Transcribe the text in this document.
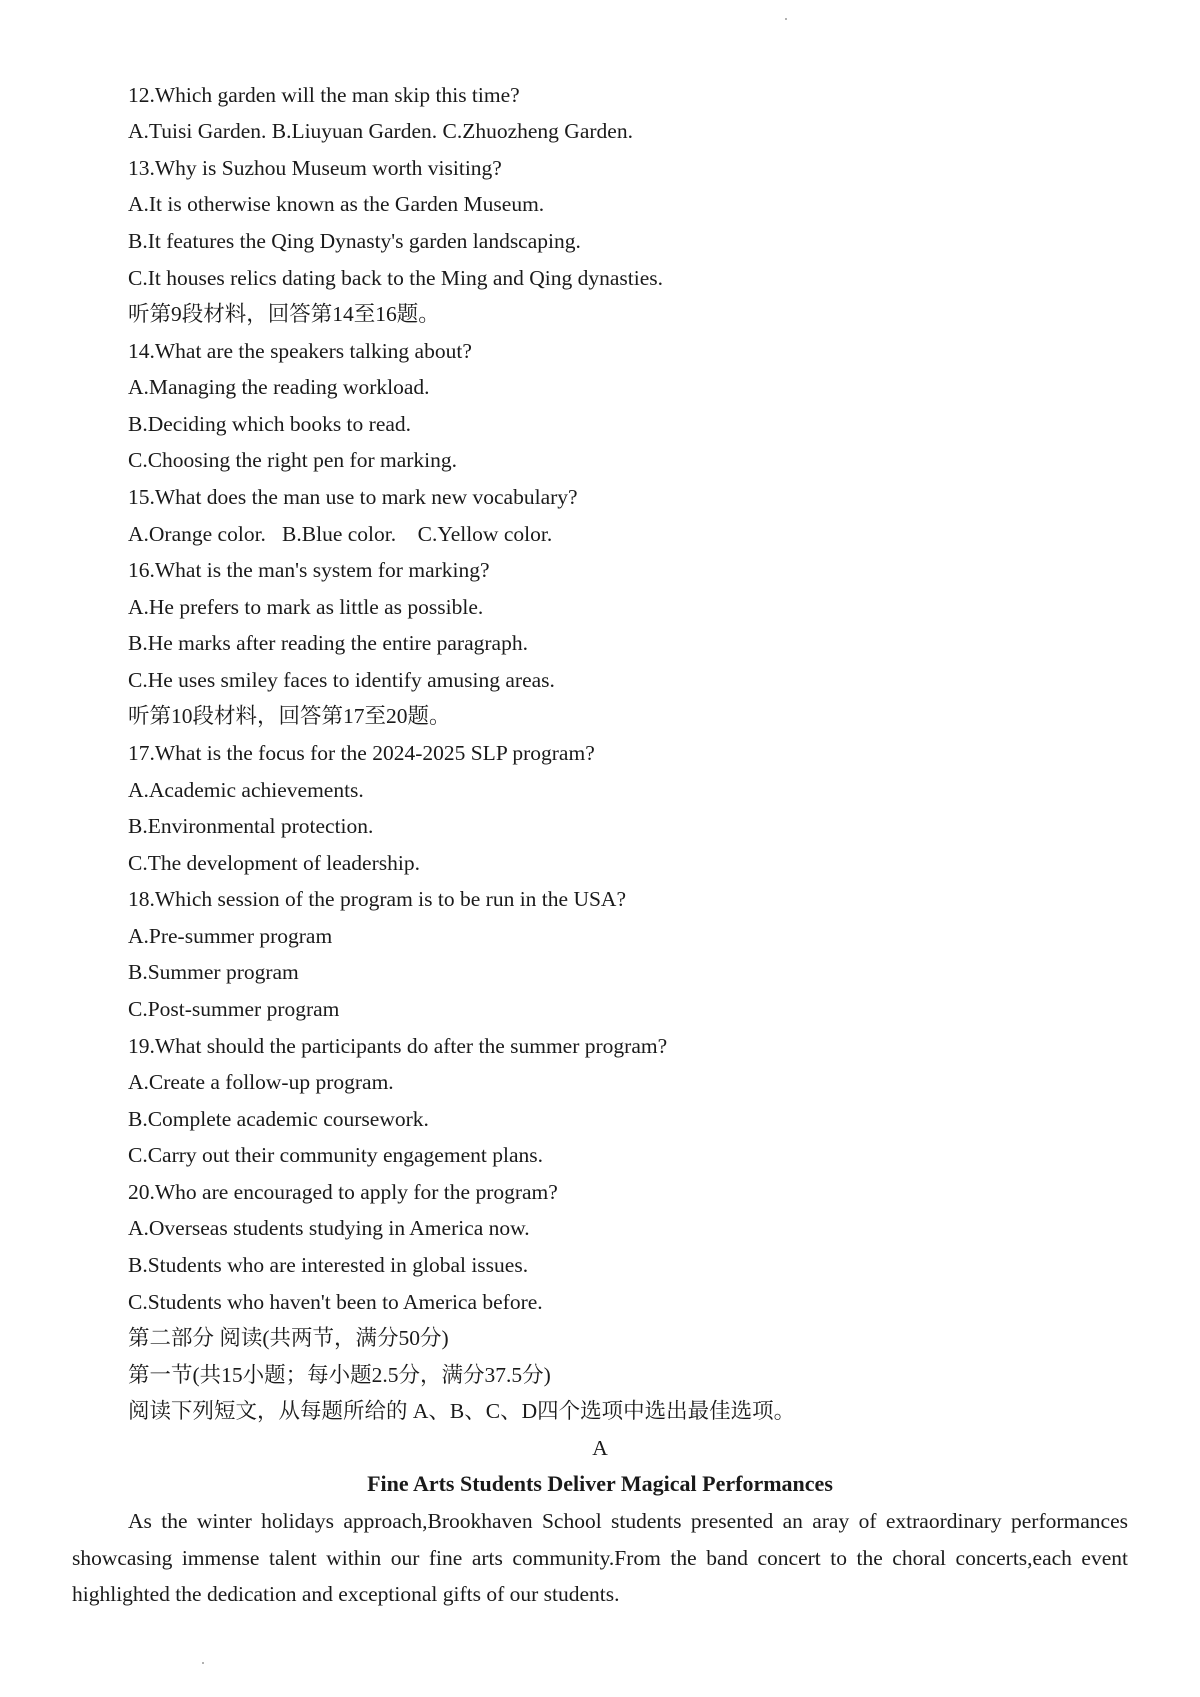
12.Which garden will the man skip this time?
A.Tuisi Garden. B.Liuyuan Garden. C.Zhuozheng Garden.
13.Why is Suzhou Museum worth visiting?
A.It is otherwise known as the Garden Museum.
B.It features the Qing Dynasty's garden landscaping.
C.It houses relics dating back to the Ming and Qing dynasties.
听第9段材料，回答第14至16题。
14.What are the speakers talking about?
A.Managing the reading workload.
B.Deciding which books to read.
C.Choosing the right pen for marking.
15.What does the man use to mark new vocabulary?
A.Orange color.   B.Blue color.    C.Yellow color.
16.What is the man's system for marking?
A.He prefers to mark as little as possible.
B.He marks after reading the entire paragraph.
C.He uses smiley faces to identify amusing areas.
听第10段材料，回答第17至20题。
17.What is the focus for the 2024-2025 SLP program?
A.Academic achievements.
B.Environmental protection.
C.The development of leadership.
18.Which session of the program is to be run in the USA?
A.Pre-summer program
B.Summer program
C.Post-summer program
19.What should the participants do after the summer program?
A.Create a follow-up program.
B.Complete academic coursework.
C.Carry out their community engagement plans.
20.Who are encouraged to apply for the program?
A.Overseas students studying in America now.
B.Students who are interested in global issues.
C.Students who haven't been to America before.
第二部分 阅读(共两节，满分50分)
第一节(共15小题；每小题2.5分，满分37.5分)
阅读下列短文，从每题所给的 A、B、C、D四个选项中选出最佳选项。
A
Fine Arts Students Deliver Magical Performances
As the winter holidays approach,Brookhaven School students presented an aray of extraordinary performances showcasing immense talent within our fine arts community.From the band concert to the choral concerts,each event highlighted the dedication and exceptional gifts of our students.
